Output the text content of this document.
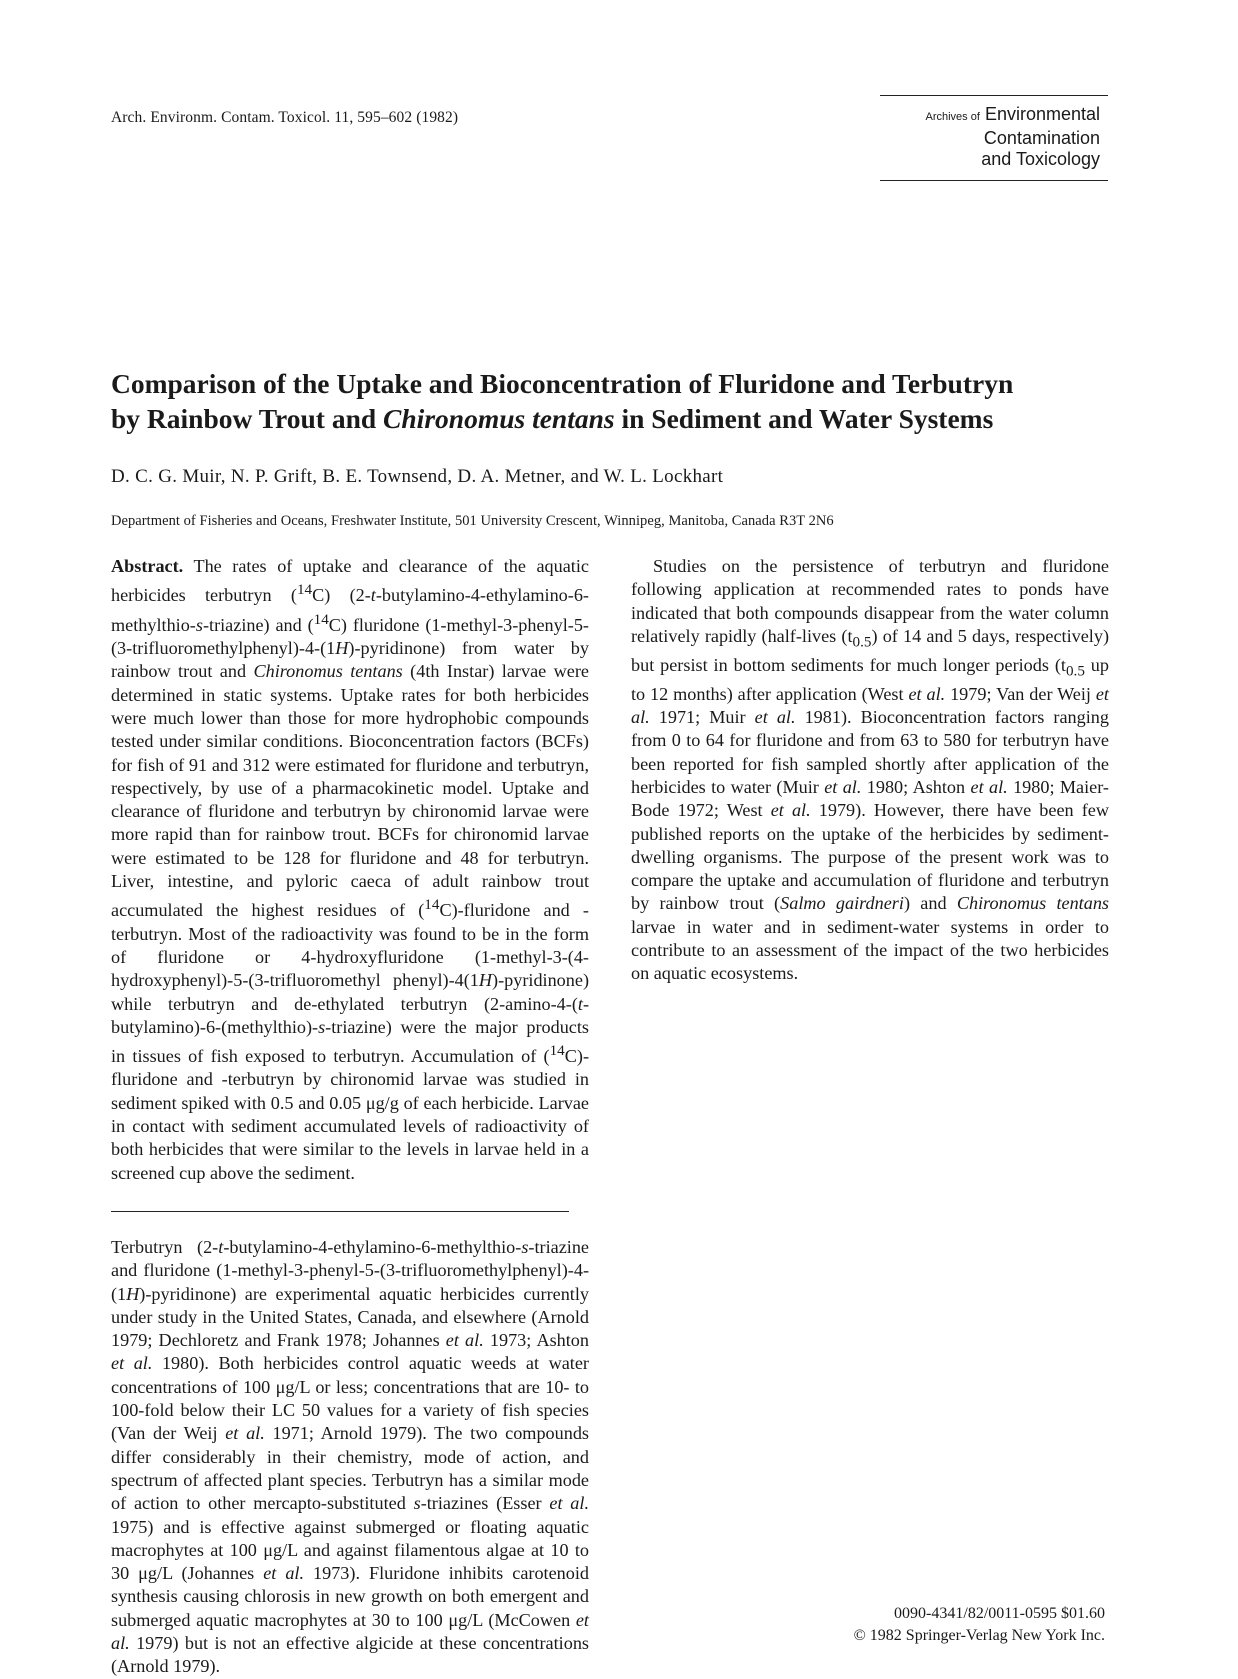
Arch. Environm. Contam. Toxicol. 11, 595–602 (1982)	Archives of Environmental
Contamination
and Toxicology
Comparison of the Uptake and Bioconcentration of Fluridone and Terbutryn
by Rainbow Trout and Chironomus tentans in Sediment and Water Systems
D. C. G. Muir, N. P. Grift, B. E. Townsend, D. A. Metner, and W. L. Lockhart
Department of Fisheries and Oceans, Freshwater Institute, 501 University Crescent, Winnipeg, Manitoba, Canada R3T 2N6

Abstract. The rates of uptake and clearance of the aquatic herbicides terbutryn ($^{14}$C) (2-t-butylamino-4-ethylamino-6-methylthio-s-triazine) and ($^{14}$C) fluridone (1-methyl-3-phenyl-5-(3-trifluoromethylphenyl)-4-(1H)-pyridinone) from water by rainbow trout and Chironomus tentans (4th Instar) larvae were determined in static systems. Uptake rates for both herbicides were much lower than those for more hydrophobic compounds tested under similar conditions. Bioconcentration factors (BCFs) for fish of 91 and 312 were estimated for fluridone and terbutryn, respectively, by use of a pharmacokinetic model. Uptake and clearance of fluridone and terbutryn by chironomid larvae were more rapid than for rainbow trout. BCFs for chironomid larvae were estimated to be 128 for fluridone and 48 for terbutryn. Liver, intestine, and pyloric caeca of adult rainbow trout accumulated the highest residues of ($^{14}$C)-fluridone and -terbutryn. Most of the radioactivity was found to be in the form of fluridone or 4-hydroxyfluridone (1-methyl-3-(4-hydroxyphenyl)-5-(3-trifluoromethyl phenyl)-4(1H)-pyridinone) while terbutryn and de-ethylated terbutryn (2-amino-4-(t-butylamino)-6-(methylthio)-s-triazine) were the major products in tissues of fish exposed to terbutryn. Accumulation of ($^{14}$C)-fluridone and -terbutryn by chironomid larvae was studied in sediment spiked with 0.5 and 0.05 μg/g of each herbicide. Larvae in contact with sediment accumulated levels of radioactivity of both herbicides that were similar to the levels in larvae held in a screened cup above the sediment.

Terbutryn (2-t-butylamino-4-ethylamino-6-methylthio-s-triazine and fluridone (1-methyl-3-phenyl-5-(3-trifluoromethylphenyl)-4-(1H)-pyridinone) are experimental aquatic herbicides currently under study in the United States, Canada, and elsewhere (Arnold 1979; Dechloretz and Frank 1978; Johannes et al. 1973; Ashton et al. 1980). Both herbicides control aquatic weeds at water concentrations of 100 μg/L or less; concentrations that are 10- to 100-fold below their LC 50 values for a variety of fish species (Van der Weij et al. 1971; Arnold 1979). The two compounds differ considerably in their chemistry, mode of action, and spectrum of affected plant species. Terbutryn has a similar mode of action to other mercapto-substituted s-triazines (Esser et al. 1975) and is effective against submerged or floating aquatic macrophytes at 100 μg/L and against filamentous algae at 10 to 30 μg/L (Johannes et al. 1973). Fluridone inhibits carotenoid synthesis causing chlorosis in new growth on both emergent and submerged aquatic macrophytes at 30 to 100 μg/L (McCowen et al. 1979) but is not an effective algicide at these concentrations (Arnold 1979).

Studies on the persistence of terbutryn and fluridone following application at recommended rates to ponds have indicated that both compounds disappear from the water column relatively rapidly (half-lives $(t_{0.5})$ of 14 and 5 days, respectively) but persist in bottom sediments for much longer periods ($t_{0.5}$ up to 12 months) after application (West et al. 1979; Van der Weij et al. 1971; Muir et al. 1981). Bioconcentration factors ranging from 0 to 64 for fluridone and from 63 to 580 for terbutryn have been reported for fish sampled shortly after application of the herbicides to water (Muir et al. 1980; Ashton et al. 1980; Maier-Bode 1972; West et al. 1979). However, there have been few published reports on the uptake of the herbicides by sediment-dwelling organisms. The purpose of the present work was to compare the uptake and accumulation of fluridone and terbutryn by rainbow trout (Salmo gairdneri) and Chironomus tentans larvae in water and in sediment-water systems in order to contribute to an assessment of the impact of the two herbicides on aquatic ecosystems.

0090-4341/82/0011-0595 $01.60
© 1982 Springer-Verlag New York Inc.
